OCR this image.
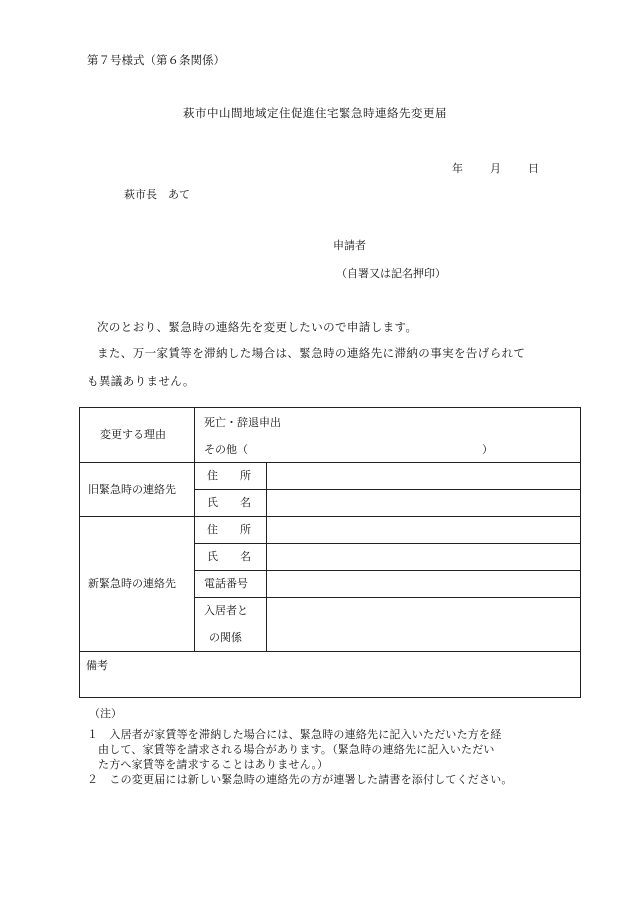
第７号様式（第６条関係）
萩市中山間地域定住促進住宅緊急時連絡先変更届
年 月 日
萩市長　あて
申請者
（自署又は記名押印）
次のとおり、緊急時の連絡先を変更したいので申請します。
また、万一家賃等を滞納した場合は、緊急時の連絡先に滞納の事実を告げられて
も異議ありません。
変更する理由
死亡・辞退申出
その他（	）
旧緊急時の連絡先
住　　所
氏　　名
新緊急時の連絡先
住　　所
氏　　名
電話番号
入居者と
の関係
備考
（注）
１　入居者が家賃等を滞納した場合には、緊急時の連絡先に記入いただいた方を経
由して、家賃等を請求される場合があります。（緊急時の連絡先に記入いただい
た方へ家賃等を請求することはありません。）
２　この変更届には新しい緊急時の連絡先の方が連署した請書を添付してください。
